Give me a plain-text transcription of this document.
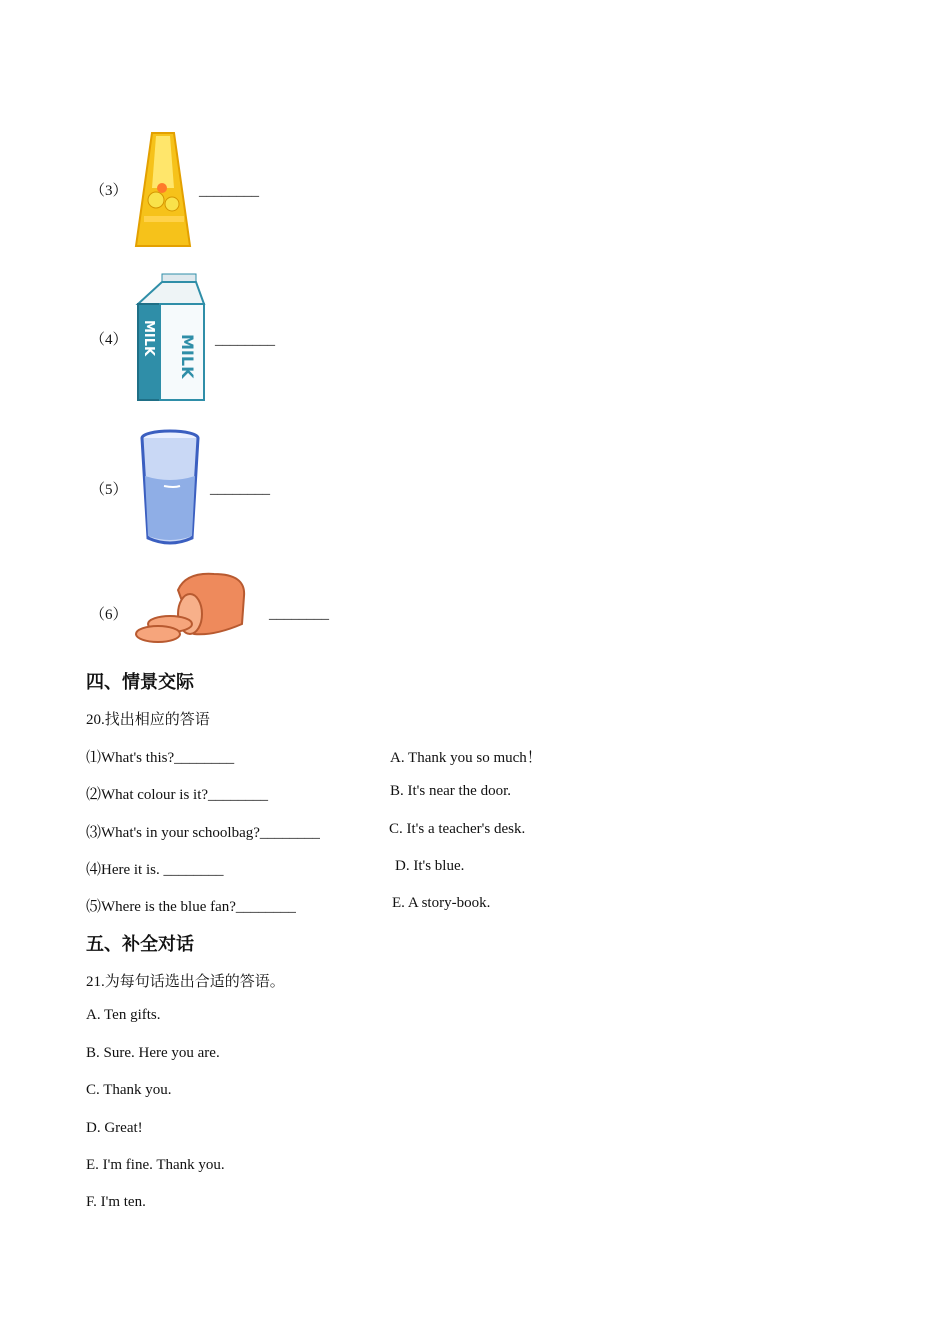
（3）	________
（4）	MILK
MILK	________
（5）	________
（6）	________
四、情景交际
20.找出相应的答语
⑴What's this?________
⑵What colour is it?________
⑶What's in your schoolbag?________
⑷Here it is. ________
⑸Where is the blue fan?________
A. Thank you so much！
B. It's near the door.
C. It's a teacher's desk.
D. It's blue.
E. A story-book.
五、补全对话
21.为每句话选出合适的答语。
A. Ten gifts.
B. Sure. Here you are.
C. Thank you.
D. Great!
E. I'm fine. Thank you.
F. I'm ten.
